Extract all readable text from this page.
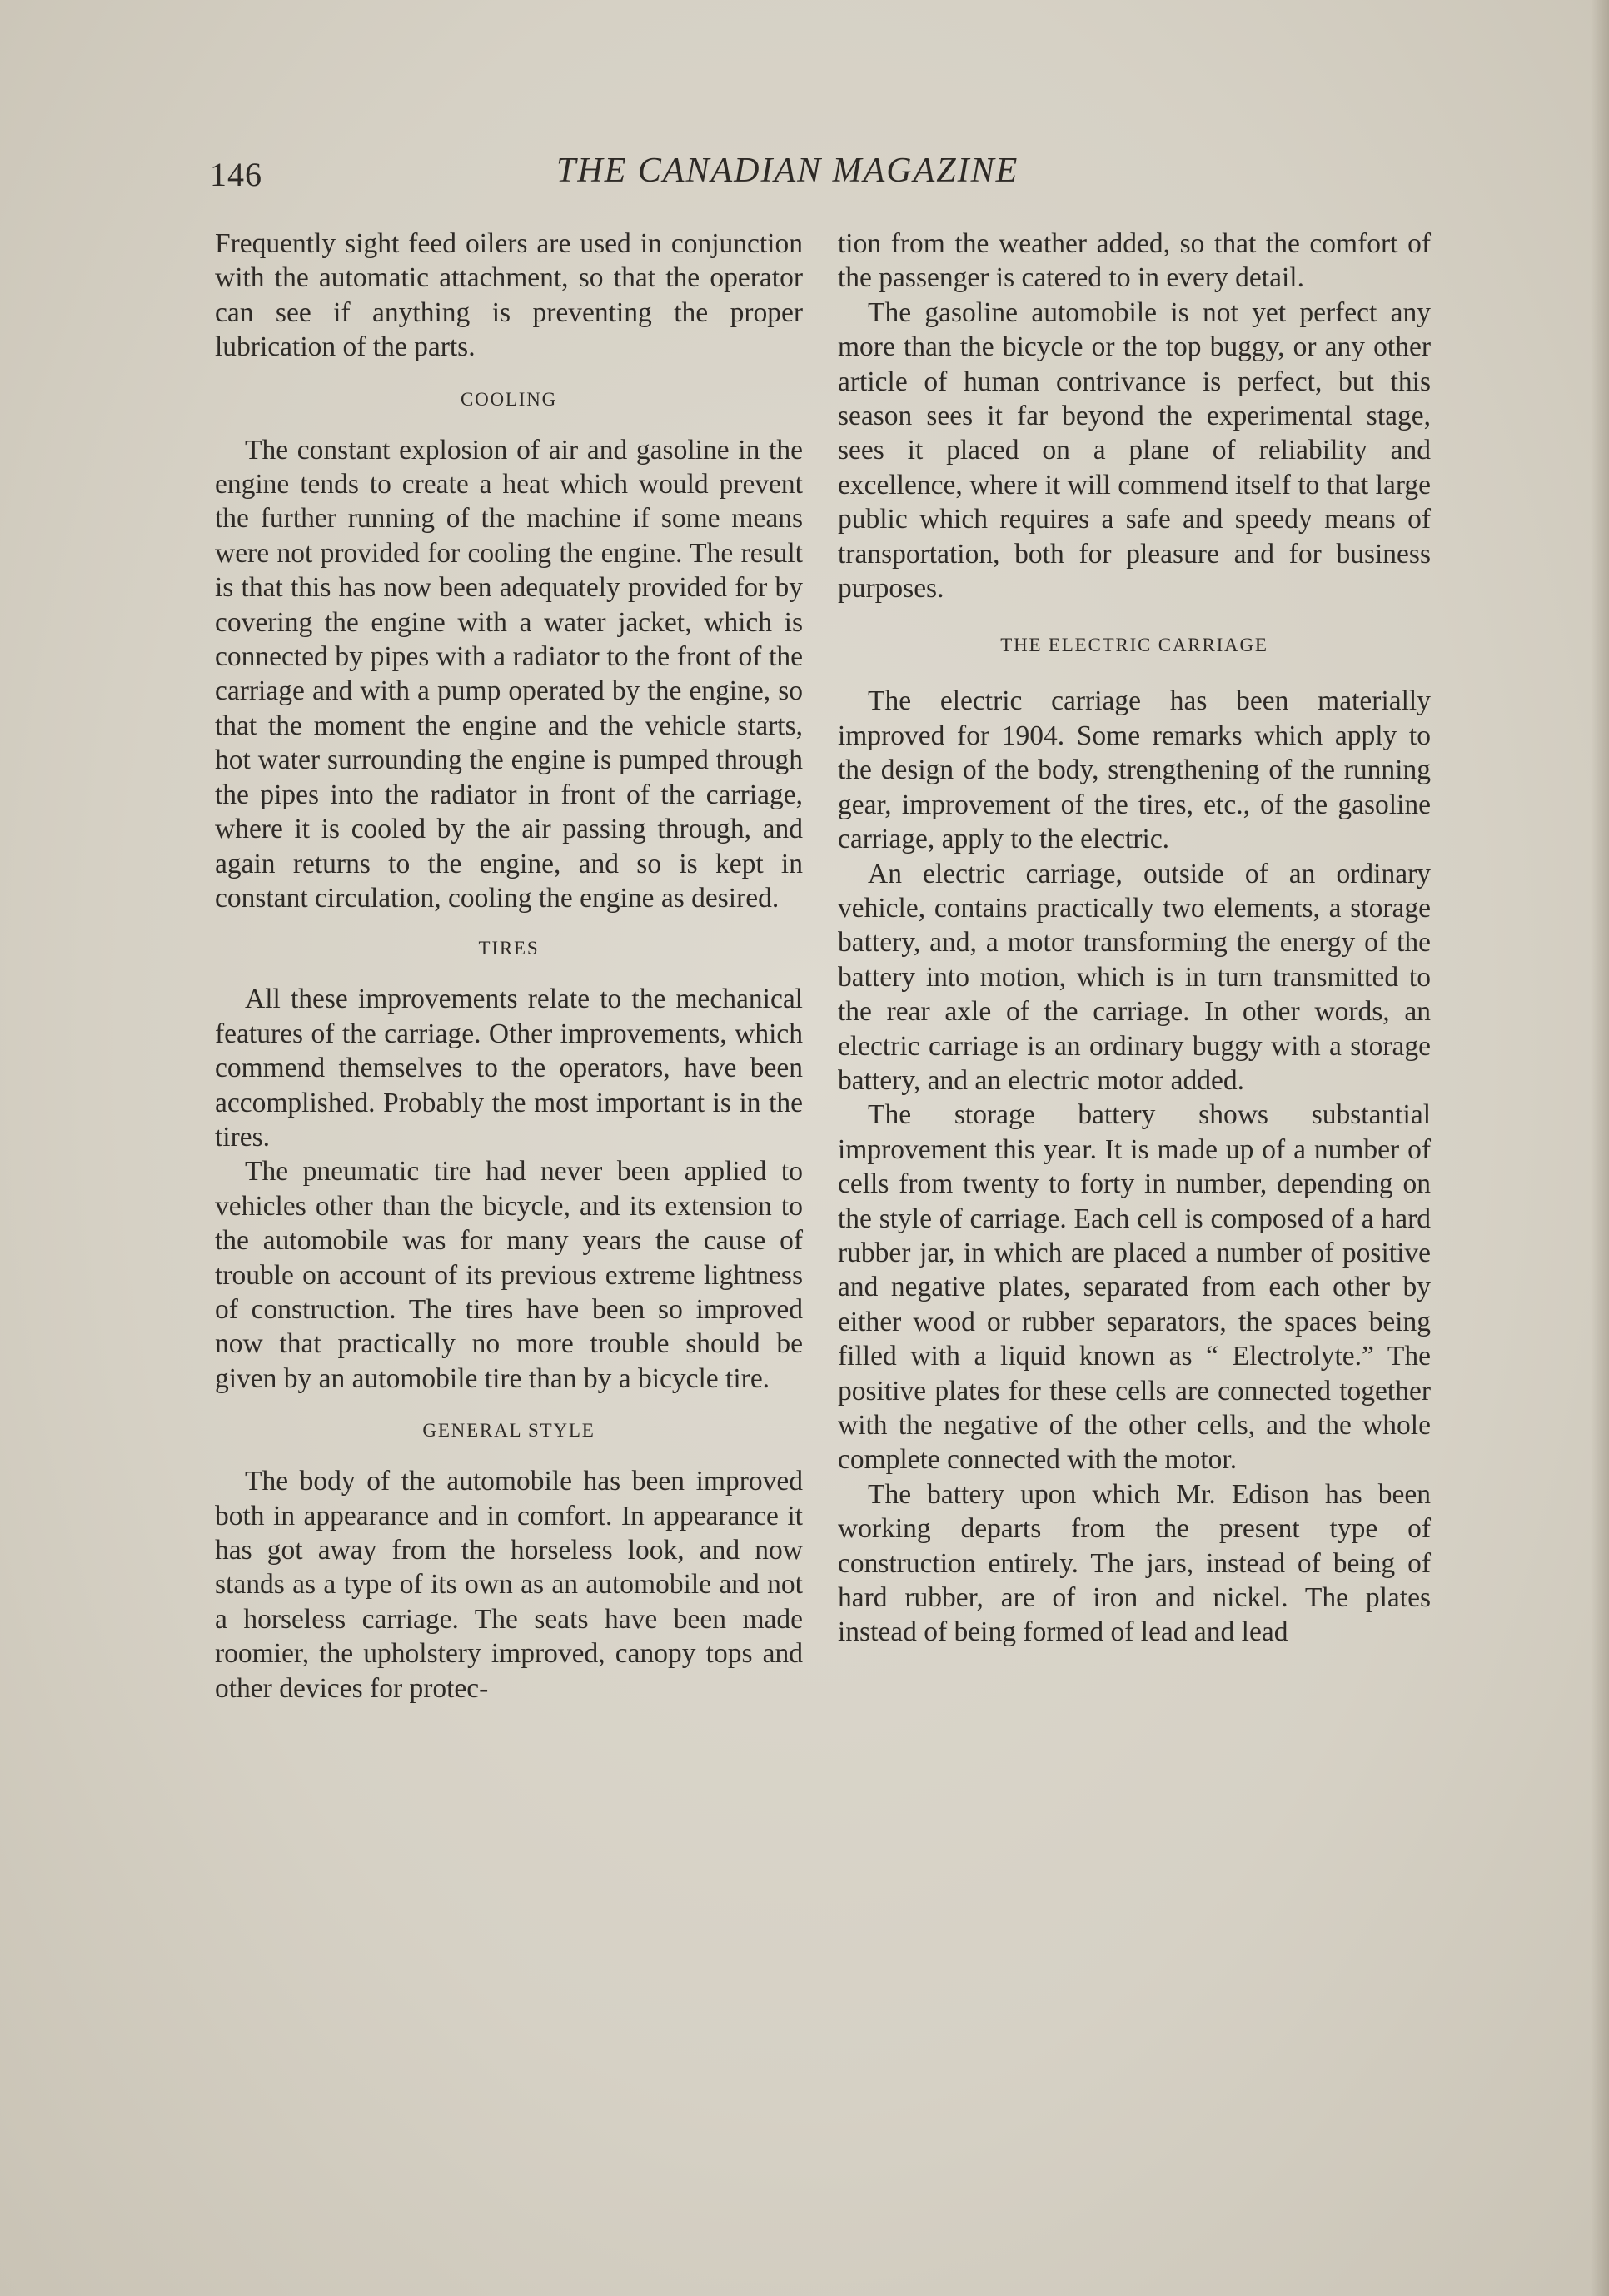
146	THE CANADIAN MAGAZINE

Frequently sight feed oilers are used in conjunction with the automatic attachment, so that the operator can see if anything is preventing the proper lubrication of the parts.

COOLING

The constant explosion of air and gasoline in the engine tends to create a heat which would prevent the further running of the machine if some means were not provided for cooling the engine. The result is that this has now been adequately provided for by covering the engine with a water jacket, which is connected by pipes with a radiator to the front of the carriage and with a pump operated by the engine, so that the moment the engine and the vehicle starts, hot water surrounding the engine is pumped through the pipes into the radiator in front of the carriage, where it is cooled by the air passing through, and again returns to the engine, and so is kept in constant circulation, cooling the engine as desired.

TIRES

All these improvements relate to the mechanical features of the carriage. Other improvements, which commend themselves to the operators, have been accomplished. Probably the most important is in the tires.

The pneumatic tire had never been applied to vehicles other than the bicycle, and its extension to the automobile was for many years the cause of trouble on account of its previous extreme lightness of construction. The tires have been so improved now that practically no more trouble should be given by an automobile tire than by a bicycle tire.

GENERAL STYLE

The body of the automobile has been improved both in appearance and in comfort. In appearance it has got away from the horseless look, and now stands as a type of its own as an automobile and not a horseless carriage. The seats have been made roomier, the upholstery improved, canopy tops and other devices for protec-

tion from the weather added, so that the comfort of the passenger is catered to in every detail.

The gasoline automobile is not yet perfect any more than the bicycle or the top buggy, or any other article of human contrivance is perfect, but this season sees it far beyond the experimental stage, sees it placed on a plane of reliability and excellence, where it will commend itself to that large public which requires a safe and speedy means of transportation, both for pleasure and for business purposes.

THE ELECTRIC CARRIAGE

The electric carriage has been materially improved for 1904. Some remarks which apply to the design of the body, strengthening of the running gear, improvement of the tires, etc., of the gasoline carriage, apply to the electric.

An electric carriage, outside of an ordinary vehicle, contains practically two elements, a storage battery, and, a motor transforming the energy of the battery into motion, which is in turn transmitted to the rear axle of the carriage. In other words, an electric carriage is an ordinary buggy with a storage battery, and an electric motor added.

The storage battery shows substantial improvement this year. It is made up of a number of cells from twenty to forty in number, depending on the style of carriage. Each cell is composed of a hard rubber jar, in which are placed a number of positive and negative plates, separated from each other by either wood or rubber separators, the spaces being filled with a liquid known as “ Electrolyte.” The positive plates for these cells are connected together with the negative of the other cells, and the whole complete connected with the motor.

The battery upon which Mr. Edison has been working departs from the present type of construction entirely. The jars, instead of being of hard rubber, are of iron and nickel. The plates instead of being formed of lead and lead
